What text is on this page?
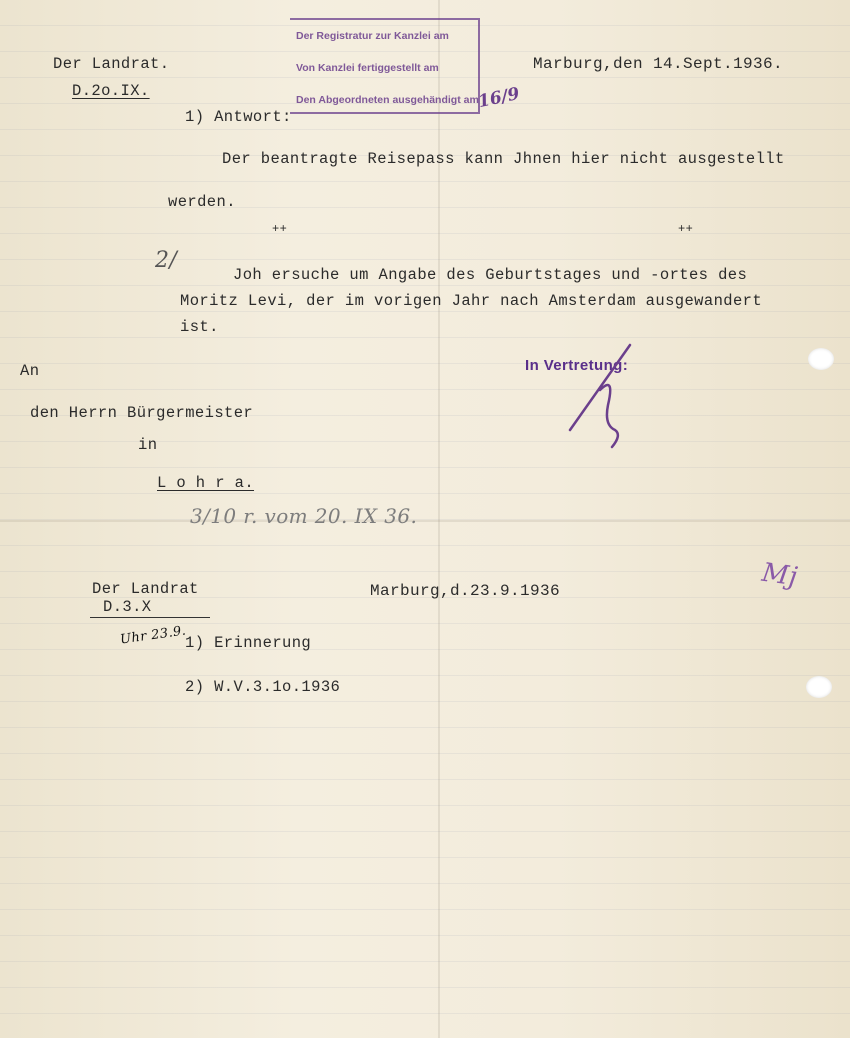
Der Landrat.
D.2o.IX.
Marburg,den 14.Sept.1936.
Der Registratur zur Kanzlei am
Von Kanzlei fertiggestellt am
Den Abgeordneten ausgehändigt am
16/9
1) Antwort:
Der beantragte Reisepass kann Jhnen hier nicht ausgestellt
werden.
++	++
2/
Joh ersuche um Angabe des Geburtstages und -ortes des
Moritz Levi, der im vorigen Jahr nach Amsterdam ausgewandert
ist.
In Vertretung:
An
den Herrn Bürgermeister
in
L o h r a.
3/10 r. vom 20. IX 36.
Der Landrat
D.3.X
Marburg,d.23.9.1936
Uhr 23.9.
1) Erinnerung
2) W.V.3.1o.1936
Mj
